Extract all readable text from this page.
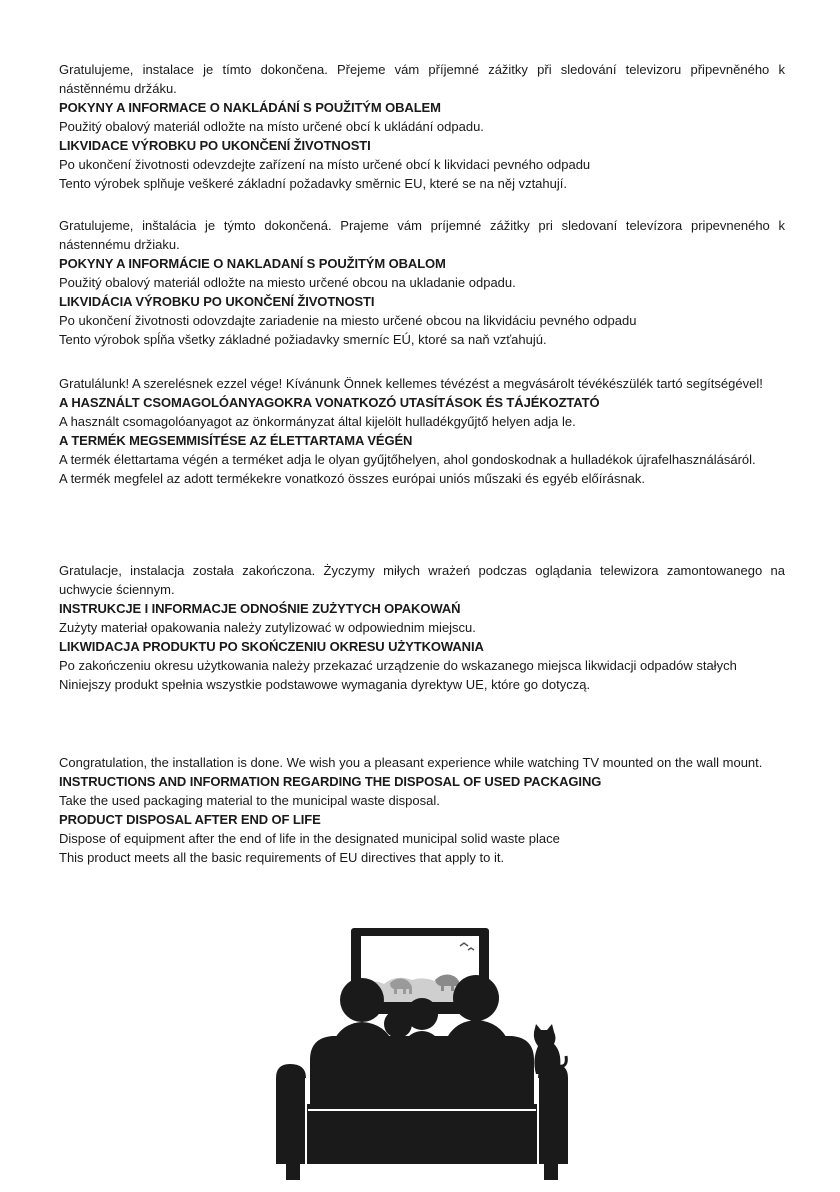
Gratulujeme, instalace je tímto dokončena. Přejeme vám příjemné zážitky při sledování televizoru připevněného k nástěnnému držáku.

POKYNY A INFORMACE O NAKLÁDÁNÍ S POUŽITÝM OBALEM

Použitý obalový materiál odložte na místo určené obcí k ukládání odpadu.

LIKVIDACE VÝROBKU PO UKONČENÍ ŽIVOTNOSTI

Po ukončení životnosti odevzdejte zařízení na místo určené obcí k likvidaci pevného odpadu

Tento výrobek splňuje veškeré základní požadavky směrnic EU, které se na něj vztahují.

Gratulujeme, inštalácia je týmto dokončená. Prajeme vám príjemné zážitky pri sledovaní televízora pripevneného k nástennému držiaku.

POKYNY A INFORMÁCIE O NAKLADANÍ S POUŽITÝM OBALOM

Použitý obalový materiál odložte na miesto určené obcou na ukladanie odpadu.

LIKVIDÁCIA VÝROBKU PO UKONČENÍ ŽIVOTNOSTI

Po ukončení životnosti odovzdajte zariadenie na miesto určené obcou na likvidáciu pevného odpadu

Tento výrobok spĺňa všetky základné požiadavky smerníc EÚ, ktoré sa naň vzťahujú.

Gratulálunk! A szerelésnek ezzel vége! Kívánunk Önnek kellemes tévézést a megvásárolt tévékészülék tartó segítségével!

A HASZNÁLT CSOMAGOLÓANYAGOKRA VONATKOZÓ UTASÍTÁSOK ÉS TÁJÉKOZTATÓ

A használt csomagolóanyagot az önkormányzat által kijelölt hulladékgyűjtő helyen adja le.

A TERMÉK MEGSEMMISÍTÉSE AZ ÉLETTARTAMA VÉGÉN

A termék élettartama végén a terméket adja le olyan gyűjtőhelyen, ahol gondoskodnak a hulladékok újrafelhasználásáról.

A termék megfelel az adott termékekre vonatkozó összes európai uniós műszaki és egyéb előírásnak.

Gratulacje, instalacja została zakończona. Życzymy miłych wrażeń podczas oglądania telewizora zamontowanego na uchwycie ściennym.

INSTRUKCJE I INFORMACJE ODNOŚNIE ZUŻYTYCH OPAKOWAŃ

Zużyty materiał opakowania należy zutylizować w odpowiednim miejscu.

LIKWIDACJA PRODUKTU PO SKOŃCZENIU OKRESU UŻYTKOWANIA

Po zakończeniu okresu użytkowania należy przekazać urządzenie do wskazanego miejsca likwidacji odpadów stałych

Niniejszy produkt spełnia wszystkie podstawowe wymagania dyrektyw UE, które go dotyczą.

Congratulation, the installation is done. We wish you a pleasant experience while watching TV mounted on the wall mount.

INSTRUCTIONS AND INFORMATION REGARDING THE DISPOSAL OF USED PACKAGING

Take the used packaging material to the municipal waste disposal.

PRODUCT DISPOSAL AFTER END OF LIFE

Dispose of equipment after the end of life in the designated municipal solid waste place

This product meets all the basic requirements of EU directives that apply to it.
